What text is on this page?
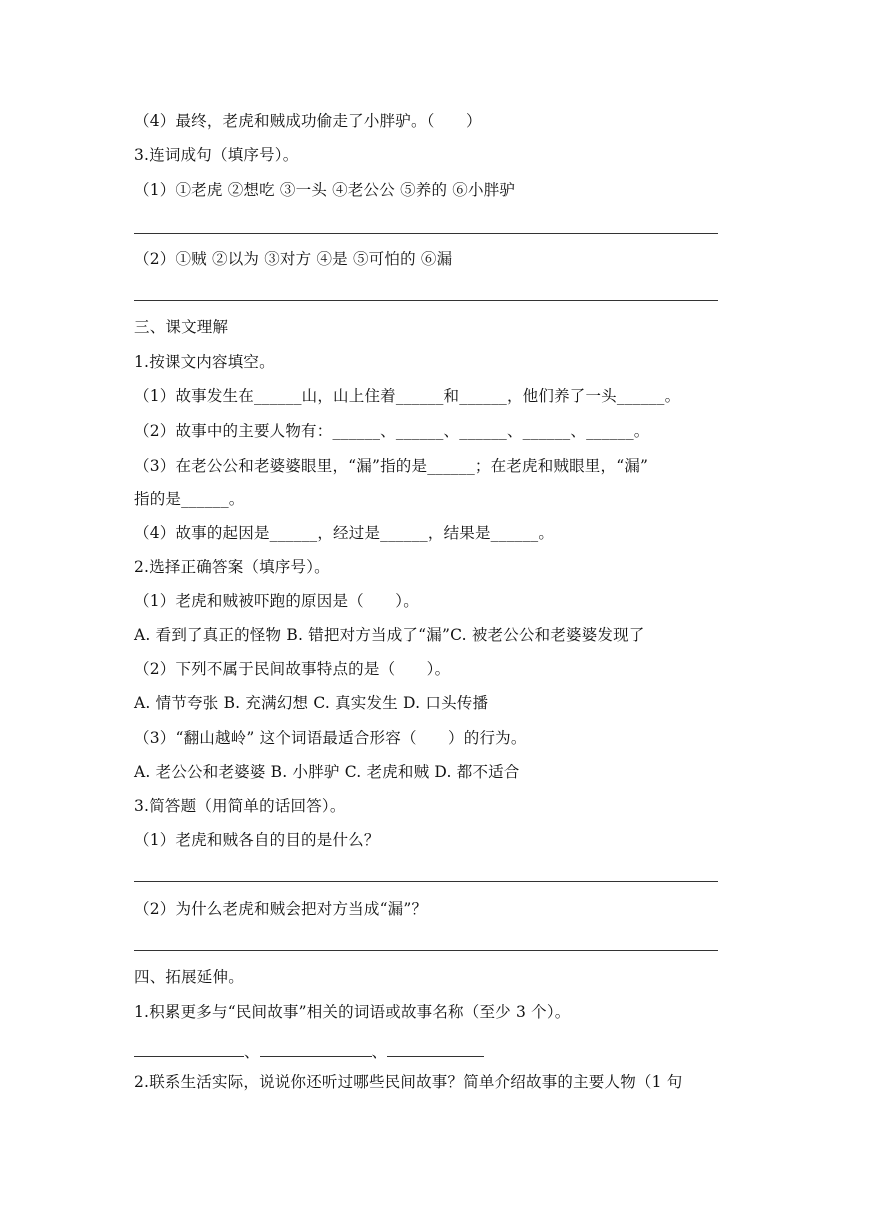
（4）最终，老虎和贼成功偷走了小胖驴。（　　）
3.连词成句（填序号）。
（1）①老虎 ②想吃 ③一头 ④老公公 ⑤养的 ⑥小胖驴
（2）①贼 ②以为 ③对方 ④是 ⑤可怕的 ⑥漏
三、课文理解
1.按课文内容填空。
（1）故事发生在______山，山上住着______和______，他们养了一头______。
（2）故事中的主要人物有：______、______、______、______、______。
（3）在老公公和老婆婆眼里，“漏”指的是______；在老虎和贼眼里，“漏”
指的是______。
（4）故事的起因是______，经过是______，结果是______。
2.选择正确答案（填序号）。
（1）老虎和贼被吓跑的原因是（　　）。
A. 看到了真正的怪物 B. 错把对方当成了“漏”C. 被老公公和老婆婆发现了
（2）下列不属于民间故事特点的是（　　）。
A. 情节夸张 B. 充满幻想 C. 真实发生 D. 口头传播
（3）“翻山越岭” 这个词语最适合形容（　　）的行为。
A. 老公公和老婆婆 B. 小胖驴 C. 老虎和贼 D. 都不适合
3.简答题（用简单的话回答）。
（1）老虎和贼各自的目的是什么？
（2）为什么老虎和贼会把对方当成“漏”？
四、拓展延伸。
1.积累更多与“民间故事”相关的词语或故事名称（至少 3 个）。
、	、
2.联系生活实际，说说你还听过哪些民间故事？简单介绍故事的主要人物（1 句
